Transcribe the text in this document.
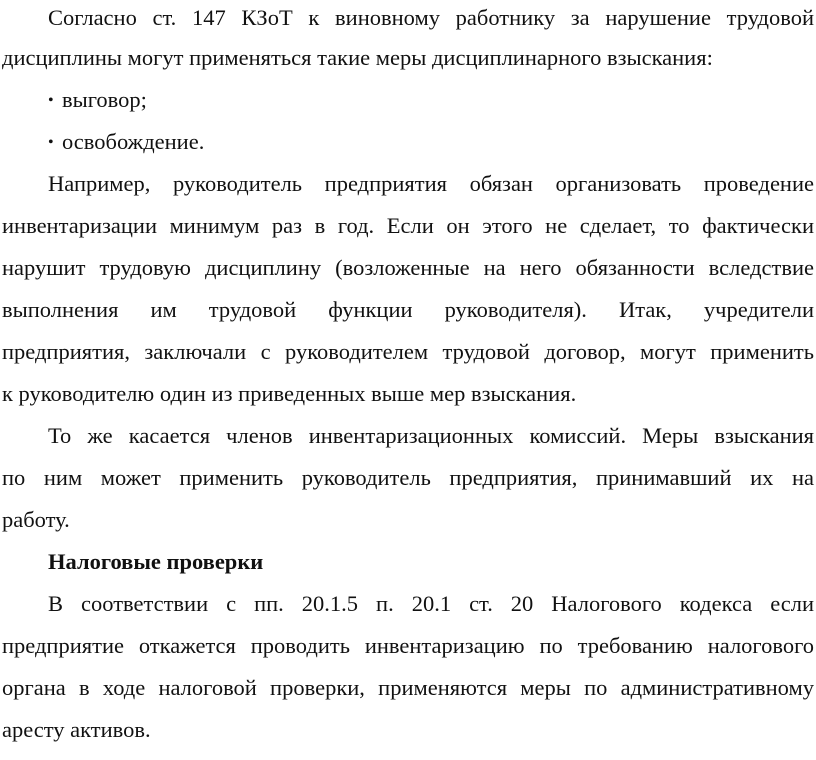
Согласно ст. 147 КЗоТ к виновному работнику за нарушение трудовой
дисциплины могут применяться такие меры дисциплинарного взыскания:
• выговор;
• освобождение.
Например, руководитель предприятия обязан организовать проведение
инвентаризации минимум раз в год. Если он этого не сделает, то фактически
нарушит трудовую дисциплину (возложенные на него обязанности вследствие
выполнения им трудовой функции руководителя). Итак, учредители
предприятия, заключали с руководителем трудовой договор, могут применить
к руководителю один из приведенных выше мер взыскания.
То же касается членов инвентаризационных комиссий. Меры взыскания
по ним может применить руководитель предприятия, принимавший их на
работу.
Налоговые проверки
В соответствии с пп. 20.1.5 п. 20.1 ст. 20 Налогового кодекса если
предприятие откажется проводить инвентаризацию по требованию налогового
органа в ходе налоговой проверки, применяются меры по административному
аресту активов.
